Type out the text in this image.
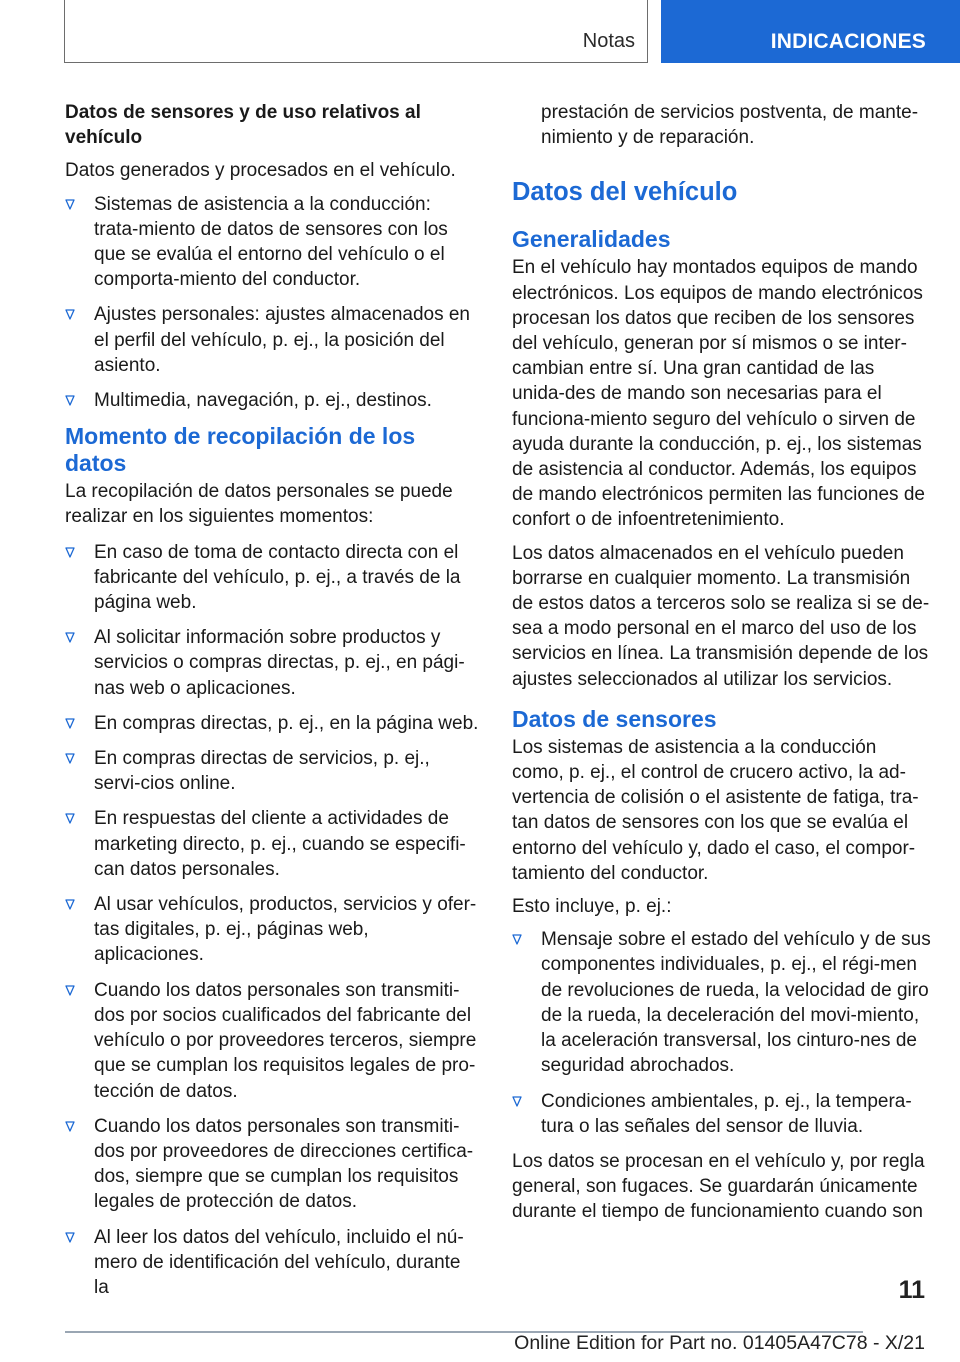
Notas	INDICACIONES

Datos de sensores y de uso relativos al vehículo

Datos generados y procesados en el vehículo.

Sistemas de asistencia a la conducción: trata-miento de datos de sensores con los que se evalúa el entorno del vehículo o el comporta-miento del conductor.
Ajustes personales: ajustes almacenados en el perfil del vehículo, p. ej., la posición del asiento.
Multimedia, navegación, p. ej., destinos.
Momento de recopilación de los datos

La recopilación de datos personales se puede realizar en los siguientes momentos:

En caso de toma de contacto directa con el fabricante del vehículo, p. ej., a través de la página web.
Al solicitar información sobre productos y servicios o compras directas, p. ej., en pági-nas web o aplicaciones.
En compras directas, p. ej., en la página web.
En compras directas de servicios, p. ej., servi-cios online.
En respuestas del cliente a actividades de marketing directo, p. ej., cuando se especifi-can datos personales.
Al usar vehículos, productos, servicios y ofer-tas digitales, p. ej., páginas web, aplicaciones.
Cuando los datos personales son transmiti-dos por socios cualificados del fabricante del vehículo o por proveedores terceros, siempre que se cumplan los requisitos legales de pro-tección de datos.
Cuando los datos personales son transmiti-dos por proveedores de direcciones certifica-dos, siempre que se cumplan los requisitos legales de protección de datos.
Al leer los datos del vehículo, incluido el nú-mero de identificación del vehículo, durante la
prestación de servicios postventa, de mante-nimiento y de reparación.
Datos del vehículo
Generalidades

En el vehículo hay montados equipos de mando electrónicos. Los equipos de mando electrónicos procesan los datos que reciben de los sensores del vehículo, generan por sí mismos o se inter-cambian entre sí. Una gran cantidad de las unida-des de mando son necesarias para el funciona-miento seguro del vehículo o sirven de ayuda durante la conducción, p. ej., los sistemas de asistencia al conductor. Además, los equipos de mando electrónicos permiten las funciones de confort o de infoentretenimiento.

Los datos almacenados en el vehículo pueden borrarse en cualquier momento. La transmisión de estos datos a terceros solo se realiza si se de-sea a modo personal en el marco del uso de los servicios en línea. La transmisión depende de los ajustes seleccionados al utilizar los servicios.

Datos de sensores

Los sistemas de asistencia a la conducción como, p. ej., el control de crucero activo, la ad-vertencia de colisión o el asistente de fatiga, tra-tan datos de sensores con los que se evalúa el entorno del vehículo y, dado el caso, el compor-tamiento del conductor.

Esto incluye, p. ej.:

Mensaje sobre el estado del vehículo y de sus componentes individuales, p. ej., el régi-men de revoluciones de rueda, la velocidad de giro de la rueda, la deceleración del movi-miento, la aceleración transversal, los cinturo-nes de seguridad abrochados.
Condiciones ambientales, p. ej., la tempera-tura o las señales del sensor de lluvia.

Los datos se procesan en el vehículo y, por regla general, son fugaces. Se guardarán únicamente durante el tiempo de funcionamiento cuando son

11
Online Edition for Part no. 01405A47C78 - X/21
